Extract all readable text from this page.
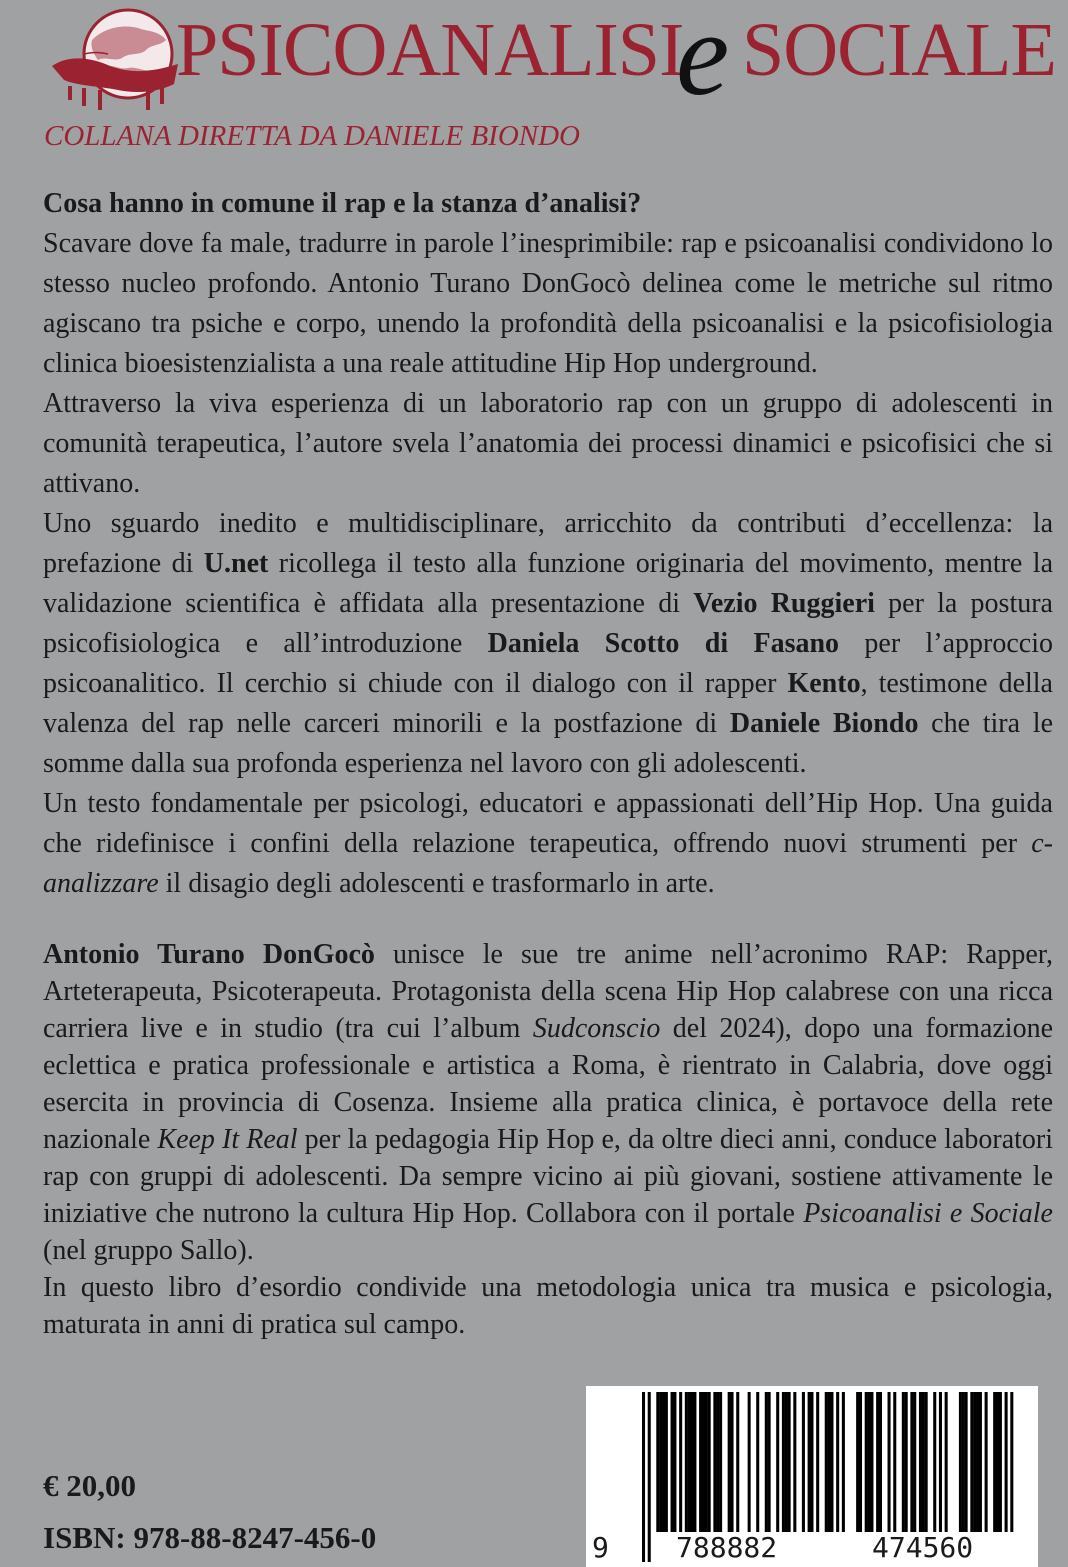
PSICOANALISI
e SOCIALE
COLLANA DIRETTA DA DANIELE BIONDO

Cosa hanno in comune il rap e la stanza d’analisi?

Scavare dove fa male, tradurre in parole l’inesprimibile: rap e psicoanalisi condividono lo stesso nucleo profondo. Antonio Turano DonGocò delinea come le metriche sul ritmo agiscano tra psiche e corpo, unendo la profondità della psicoanalisi e la psicofisiologia clinica bioesistenzialista a una reale attitudine Hip Hop underground.

Attraverso la viva esperienza di un laboratorio rap con un gruppo di adolescenti in comunità terapeutica, l’autore svela l’anatomia dei processi dinamici e psicofisici che si attivano.

Uno sguardo inedito e multidisciplinare, arricchito da contributi d’eccellenza: la prefazione di U.net ricollega il testo alla funzione originaria del movimento, mentre la validazione scientifica è affidata alla presentazione di Vezio Ruggieri per la postura psicofisiologica e all’introduzione Daniela Scotto di Fasano per l’approccio psicoanalitico. Il cerchio si chiude con il dialogo con il rapper Kento, testimone della valenza del rap nelle carceri minorili e la postfazione di Daniele Biondo che tira le somme dalla sua profonda esperienza nel lavoro con gli adolescenti.

Un testo fondamentale per psicologi, educatori e appassionati dell’Hip Hop. Una guida che ridefinisce i confini della relazione terapeutica, offrendo nuovi strumenti per c-analizzare il disagio degli adolescenti e trasformarlo in arte.

Antonio Turano DonGocò unisce le sue tre anime nell’acronimo RAP: Rapper, Arteterapeuta, Psicoterapeuta. Protagonista della scena Hip Hop calabrese con una ricca carriera live e in studio (tra cui l’album Sudconscio del 2024), dopo una formazione eclettica e pratica professionale e artistica a Roma, è rientrato in Calabria, dove oggi esercita in provincia di Cosenza. Insieme alla pratica clinica, è portavoce della rete nazionale Keep It Real per la pedagogia Hip Hop e, da oltre dieci anni, conduce laboratori rap con gruppi di adolescenti. Da sempre vicino ai più giovani, sostiene attivamente le iniziative che nutrono la cultura Hip Hop. Collabora con il portale Psicoanalisi e Sociale (nel gruppo Sallo).

In questo libro d’esordio condivide una metodologia unica tra musica e psicologia, maturata in anni di pratica sul campo.

€ 20,00
ISBN: 978-88-8247-456-0	9 788882	474560
